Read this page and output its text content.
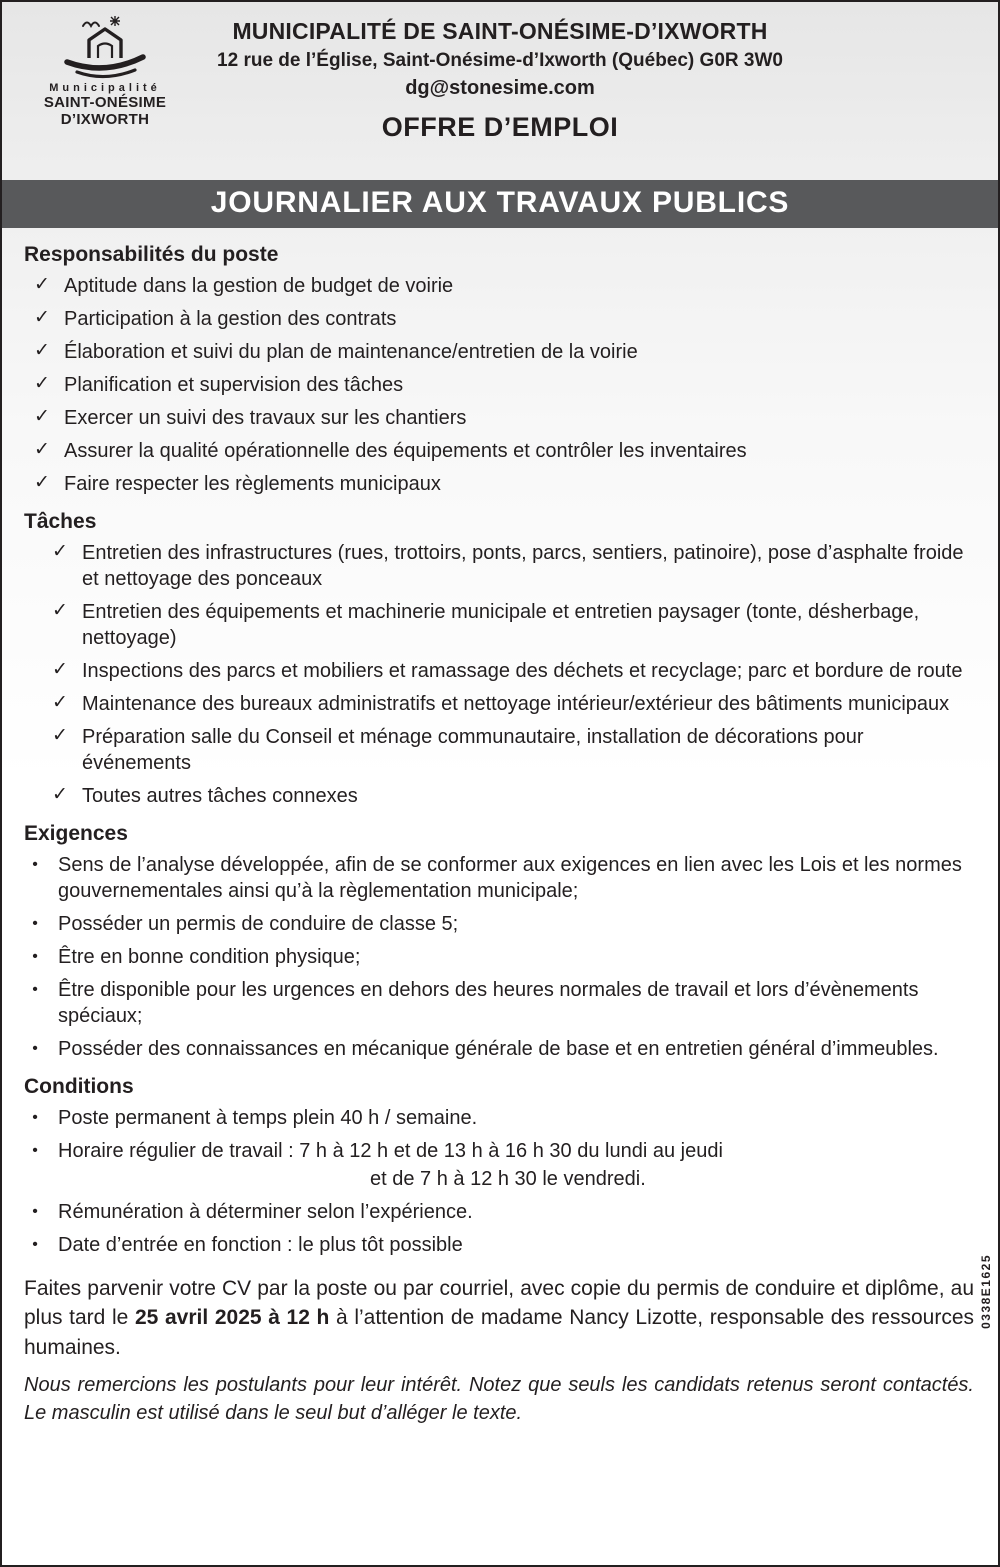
0338E1625
Municipalité
SAINT-ONÉSIME
D’IXWORTH
MUNICIPALITÉ DE SAINT-ONÉSIME-D’IXWORTH
12 rue de l’Église, Saint-Onésime-d’Ixworth (Québec) G0R 3W0
dg@stonesime.com
OFFRE D’EMPLOI
JOURNALIER AUX TRAVAUX PUBLICS
Responsabilités du poste
✓ Aptitude dans la gestion de budget de voirie
✓ Participation à la gestion des contrats
✓ Élaboration et suivi du plan de maintenance/entretien de la voirie
✓ Planification et supervision des tâches
✓ Exercer un suivi des travaux sur les chantiers
✓ Assurer la qualité opérationnelle des équipements et contrôler les inventaires
✓ Faire respecter les règlements municipaux
Tâches
✓ Entretien des infrastructures (rues, trottoirs, ponts, parcs, sentiers, patinoire), pose d’asphalte froide et nettoyage des ponceaux
✓ Entretien des équipements et machinerie municipale et entretien paysager (tonte, désherbage, nettoyage)
✓ Inspections des parcs et mobiliers et ramassage des déchets et recyclage; parc et bordure de route
✓ Maintenance des bureaux administratifs et nettoyage intérieur/extérieur des bâtiments municipaux
✓ Préparation salle du Conseil et ménage communautaire, installation de décorations pour événements
✓ Toutes autres tâches connexes
Exigences
• Sens de l’analyse développée, afin de se conformer aux exigences en lien avec les Lois et les normes gouvernementales ainsi qu’à la règlementation municipale;
• Posséder un permis de conduire de classe 5;
• Être en bonne condition physique;
• Être disponible pour les urgences en dehors des heures normales de travail et lors d’évènements spéciaux;
• Posséder des connaissances en mécanique générale de base et en entretien général d’immeubles.
Conditions
• Poste permanent à temps plein 40 h / semaine.
• Horaire régulier de travail : 7 h à 12 h et de 13 h à 16 h 30 du lundi au jeudi
et de 7 h à 12 h 30 le vendredi.
• Rémunération à déterminer selon l’expérience.
• Date d’entrée en fonction : le plus tôt possible

Faites parvenir votre CV par la poste ou par courriel, avec copie du permis de conduire et diplôme, au plus tard le 25 avril 2025 à 12 h à l’attention de madame Nancy Lizotte, responsable des ressources humaines.

Nous remercions les postulants pour leur intérêt. Notez que seuls les candidats retenus seront contactés. Le masculin est utilisé dans le seul but d’alléger le texte.
